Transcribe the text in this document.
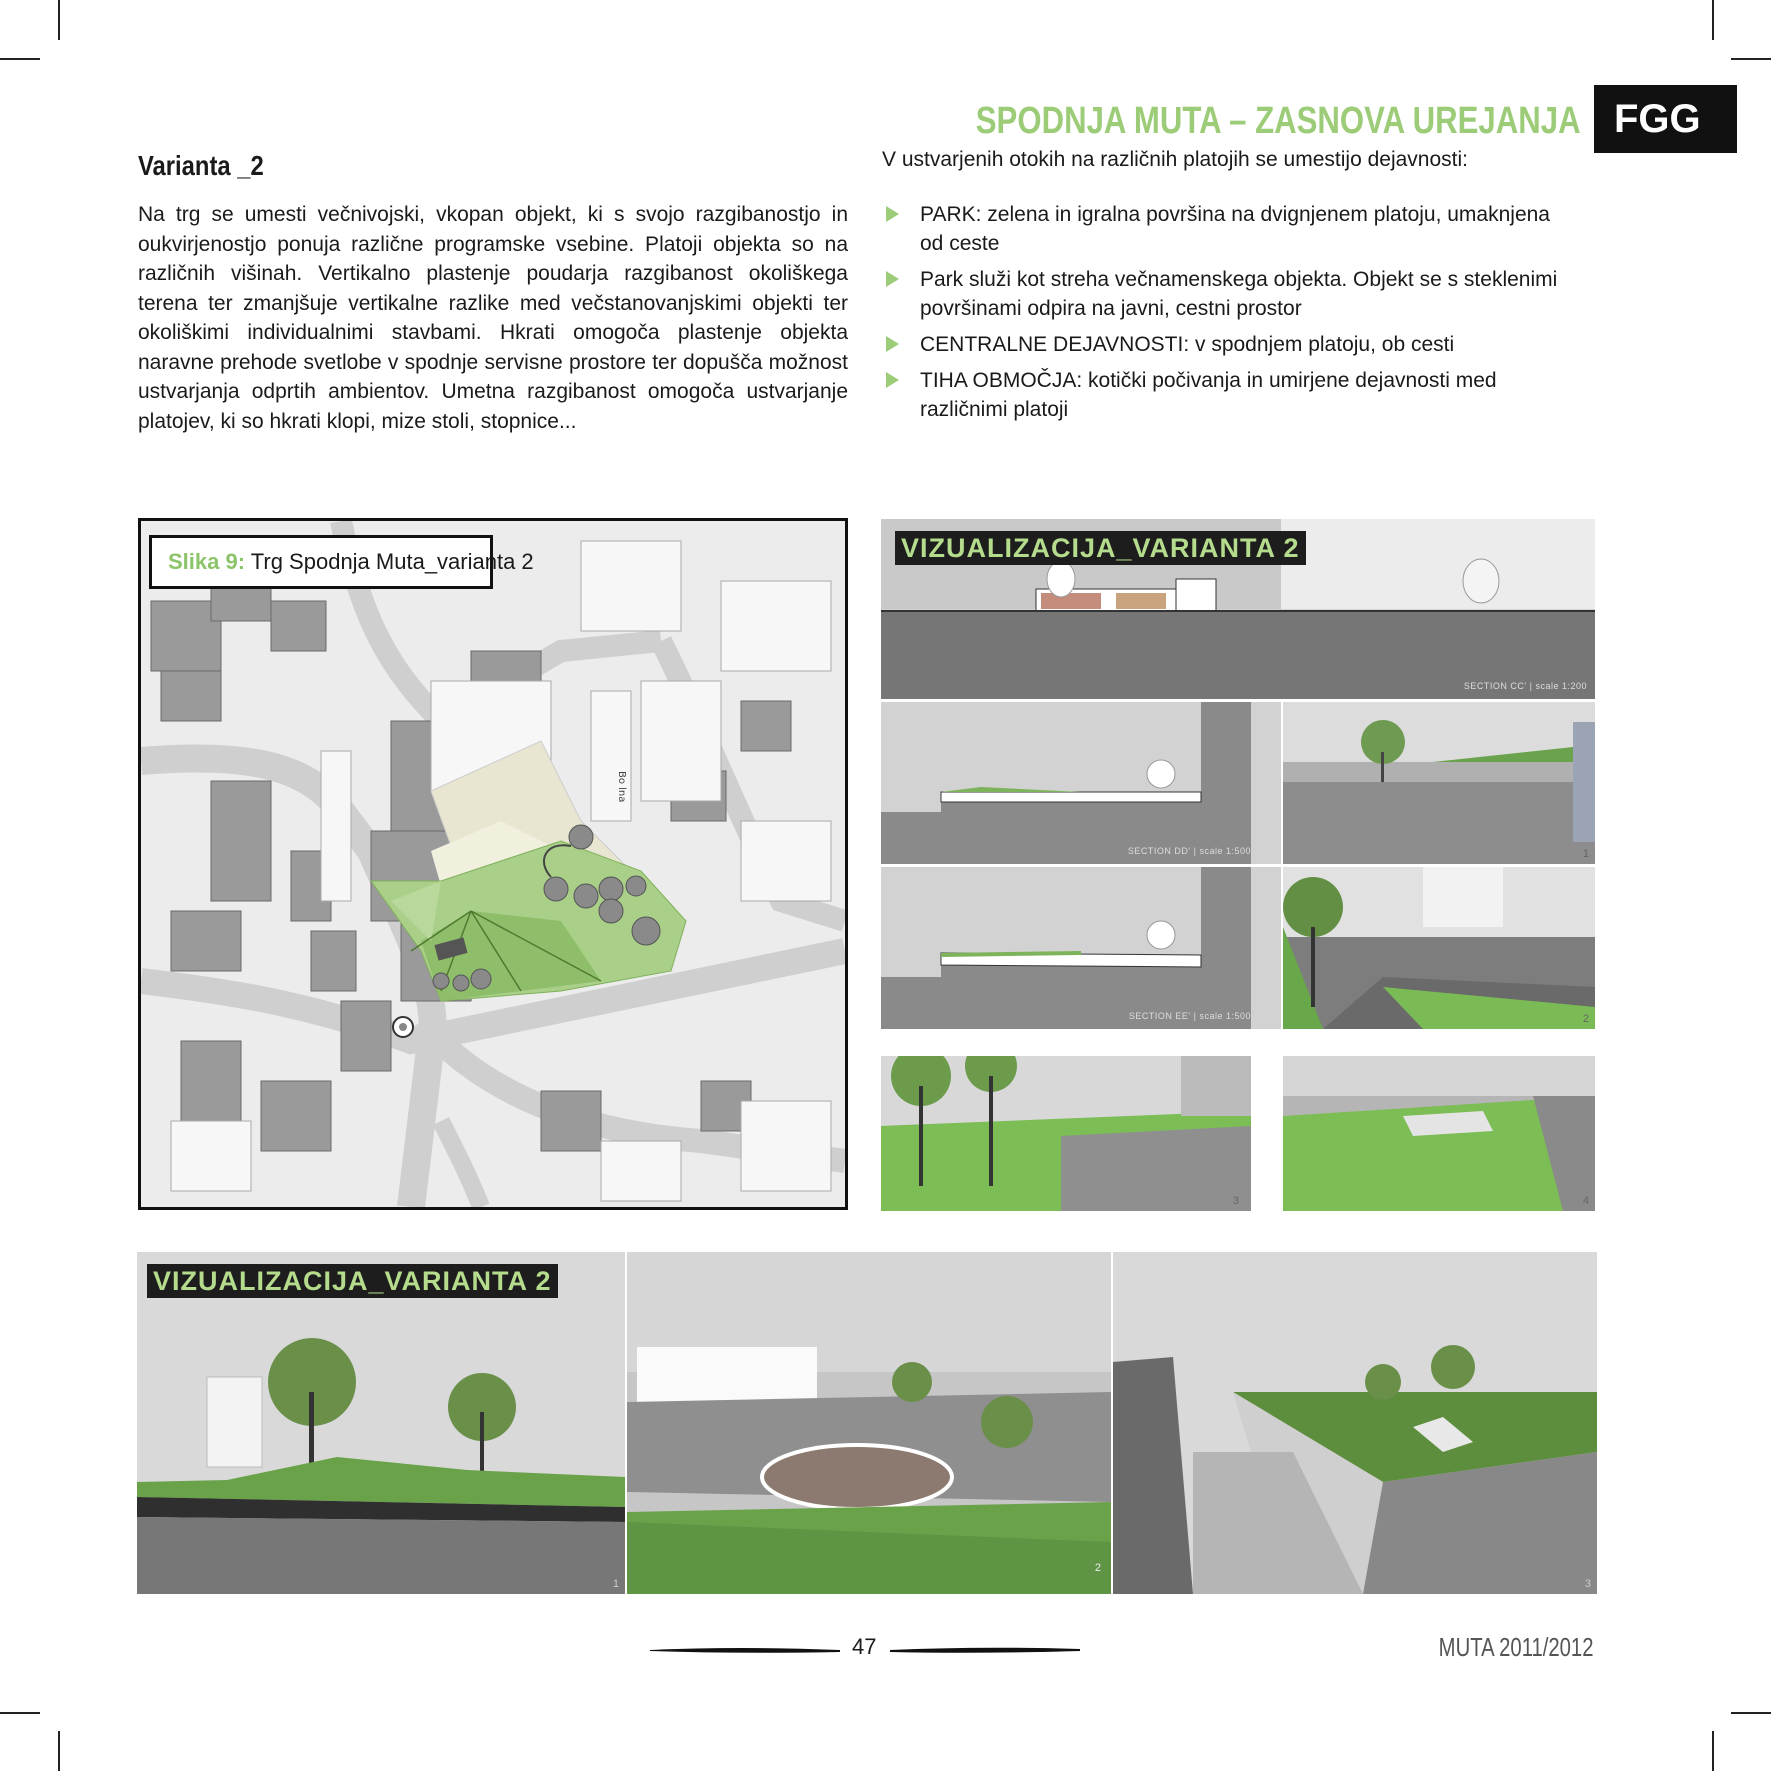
SPODNJA MUTA – ZASNOVA UREJANJA FGG
Varianta _2
Na trg se umesti večnivojski, vkopan objekt, ki s svojo razgibanostjo in oukvirjenostjo ponuja različne programske vsebine. Platoji objekta so na različnih višinah. Vertikalno plastenje poudarja razgibanost okoliškega terena ter zmanjšuje vertikalne razlike med večstanovanjskimi objekti ter okoliškimi individualnimi stavbami. Hkrati omogoča plastenje objekta naravne prehode svetlobe v spodnje servisne prostore ter dopušča možnost ustvarjanja odprtih ambientov. Umetna razgibanost omogoča ustvarjanje platojev, ki so hkrati klopi, mize stoli, stopnice...
V ustvarjenih otokih na različnih platojih se umestijo dejavnosti:
PARK: zelena in igralna površina na dvignjenem platoju, umaknjena od ceste
Park služi kot streha večnamenskega objekta. Objekt se s steklenimi površinami odpira na javni, cestni prostor
CENTRALNE DEJAVNOSTI: v spodnjem platoju, ob cesti
TIHA OBMOČJA: kotički počivanja in umirjene dejavnosti med različnimi platoji
Bo lna
Slika 9: Trg Spodnja Muta_varianta 2
SECTION CC' | scale 1:200
VIZUALIZACIJA_VARIANTA 2
SECTION DD' | scale 1:500	1
SECTION EE' | scale 1:500	2
3	4
1
VIZUALIZACIJA_VARIANTA 2
2
3
47	MUTA 2011/2012
